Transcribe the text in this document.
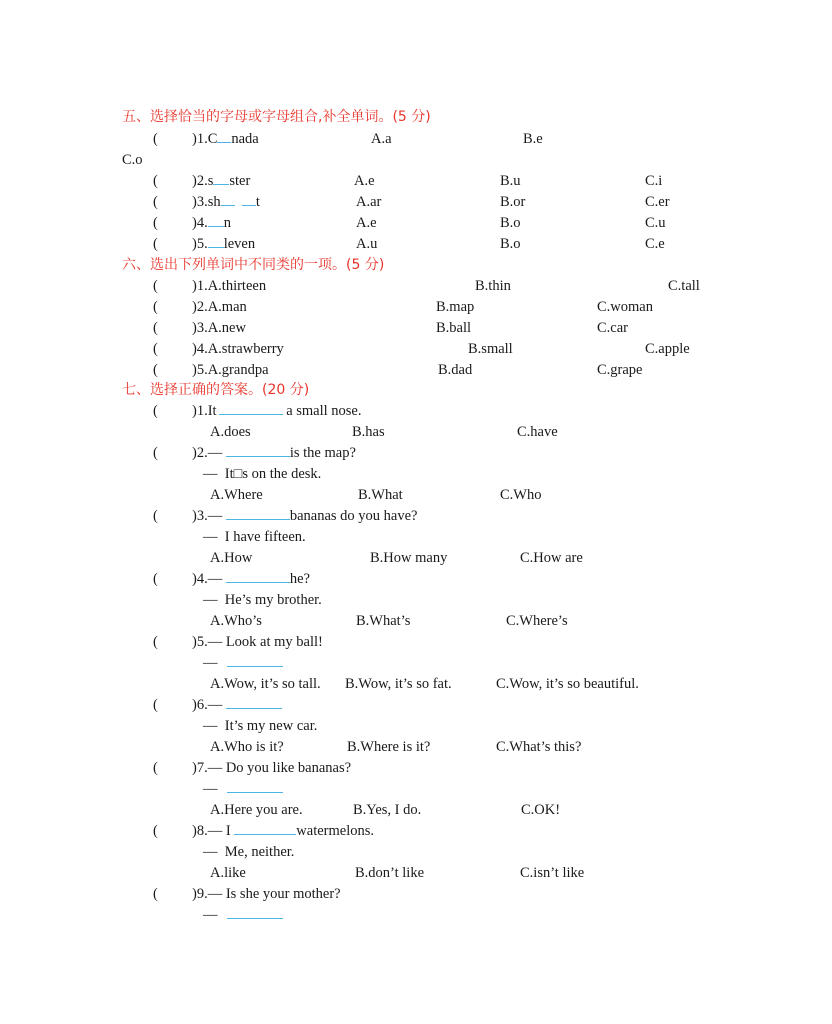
五、选择恰当的字母或字母组合,补全单词。(5 分)
( )1.C nada	A.a	B.e
C.o
( )2.s ster	A.e	B.u	C.i
( )3.sh t	A.ar	B.or	C.er
( )4. n	A.e	B.o	C.u
( )5. leven	A.u	B.o	C.e
六、选出下列单词中不同类的一项。(5 分)
( )1.A.thirteen	B.thin	C.tall
( )2.A.man	B.map	C.woman
( )3.A.new	B.ball	C.car
( )4.A.strawberry	B.small	C.apple
( )5.A.grandpa	B.dad	C.grape
七、选择正确的答案。(20 分)
( )1.It	a small nose.
A.does	B.has	C.have
( )2.—	is the map?
—  It□s on the desk.
A.Where	B.What	C.Who
( )3.—	bananas do you have?
—  I have fifteen.
A.How	B.How many	C.How are
( )4.—	he?
—  He’s my brother.
A.Who’s	B.What’s	C.Where’s
( )5.— Look at my ball!
—
A.Wow, it’s so tall. B.Wow, it’s so fat.	C.Wow, it’s so beautiful.
( )6.—
—  It’s my new car.
A.Who is it?	B.Where is it?	C.What’s this?
( )7.— Do you like bananas?
—
A.Here you are.	B.Yes, I do.	C.OK!
( )8.— I	watermelons.
—  Me, neither.
A.like	B.don’t like	C.isn’t like
( )9.— Is she your mother?
—
